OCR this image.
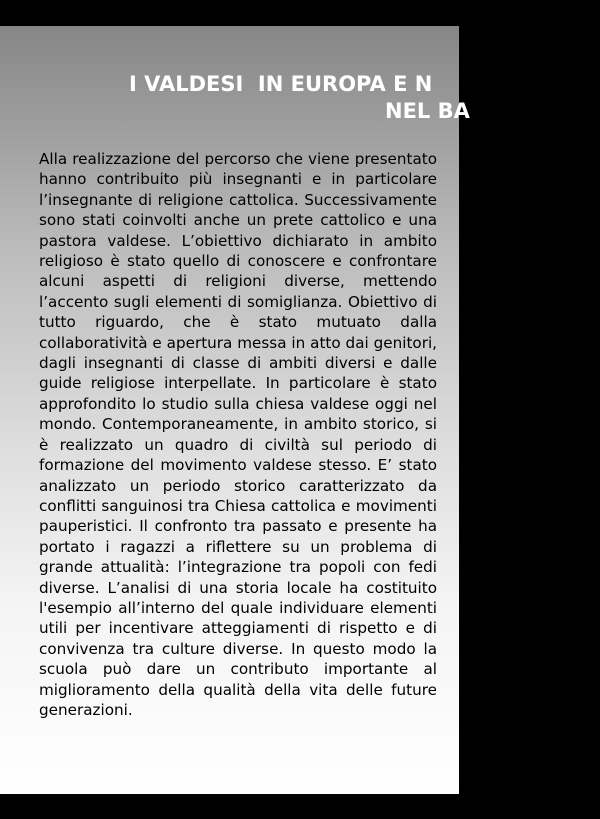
I VALDESI  IN EUROPA E N
NEL BA

Alla realizzazione del percorso che viene presentato hanno contribuito più insegnanti e in particolare l’insegnante di religione cattolica. Successivamente sono stati coinvolti anche un prete cattolico e una pastora valdese. L’obiettivo dichiarato in ambito religioso è stato quello di conoscere e confrontare alcuni aspetti di religioni diverse, mettendo l’accento sugli elementi di somiglianza. Obiettivo di tutto riguardo, che è stato mutuato dalla collaboratività e apertura messa in atto dai genitori, dagli insegnanti di classe di ambiti diversi e dalle guide religiose interpellate. In particolare è stato approfondito lo studio sulla chiesa valdese oggi nel mondo. Contemporaneamente, in ambito storico, si è realizzato un quadro di civiltà sul periodo di formazione del movimento valdese stesso. E’ stato analizzato un periodo storico caratterizzato da conflitti sanguinosi tra Chiesa cattolica e movimenti pauperistici. Il confronto tra passato e presente ha portato i ragazzi a riflettere su un problema di grande attualità: l’integrazione tra popoli con fedi diverse. L’analisi di una storia locale ha costituito l'esempio all’interno del quale individuare elementi utili per incentivare atteggiamenti di rispetto e di convivenza tra culture diverse. In questo modo la scuola può dare un contributo importante al miglioramento della qualità della vita delle future generazioni.
